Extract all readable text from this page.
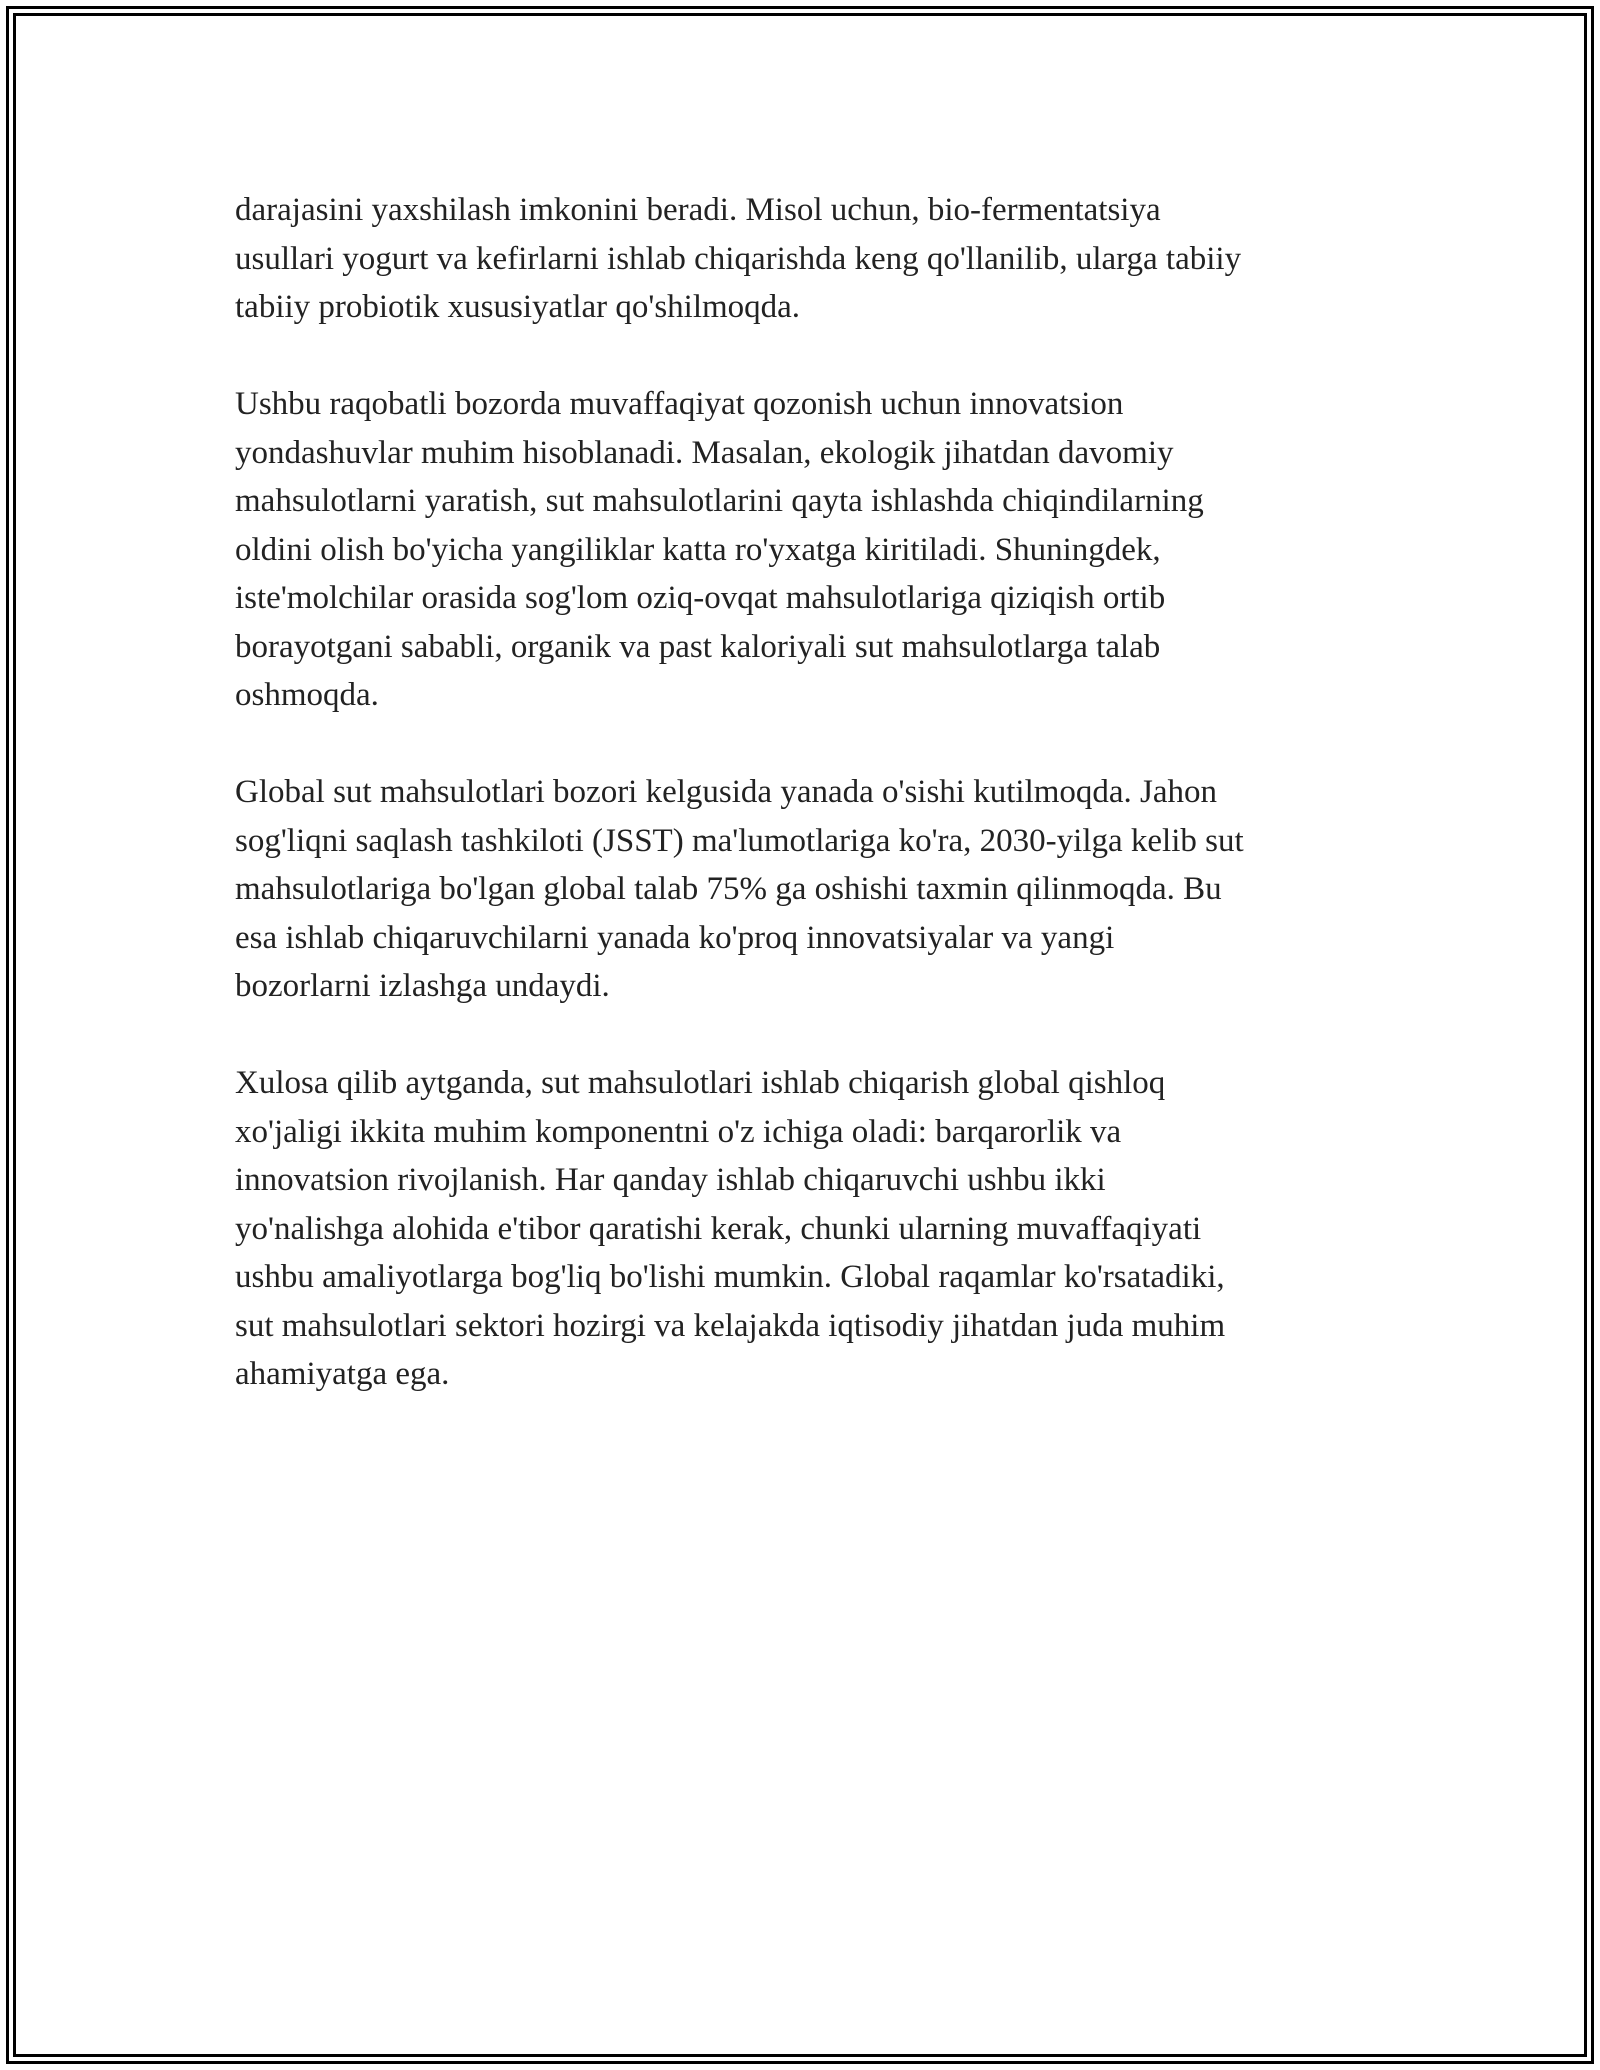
darajasini yaxshilash imkonini beradi. Misol uchun, bio-fermentatsiya
usullari yogurt va kefirlarni ishlab chiqarishda keng qo'llanilib, ularga tabiiy
tabiiy probiotik xususiyatlar qo'shilmoqda.

Ushbu raqobatli bozorda muvaffaqiyat qozonish uchun innovatsion
yondashuvlar muhim hisoblanadi. Masalan, ekologik jihatdan davomiy
mahsulotlarni yaratish, sut mahsulotlarini qayta ishlashda chiqindilarning
oldini olish bo'yicha yangiliklar katta ro'yxatga kiritiladi. Shuningdek,
iste'molchilar orasida sog'lom oziq-ovqat mahsulotlariga qiziqish ortib
borayotgani sababli, organik va past kaloriyali sut mahsulotlarga talab
oshmoqda.

Global sut mahsulotlari bozori kelgusida yanada o'sishi kutilmoqda. Jahon
sog'liqni saqlash tashkiloti (JSST) ma'lumotlariga ko'ra, 2030-yilga kelib sut
mahsulotlariga bo'lgan global talab 75% ga oshishi taxmin qilinmoqda. Bu
esa ishlab chiqaruvchilarni yanada ko'proq innovatsiyalar va yangi
bozorlarni izlashga undaydi.

Xulosa qilib aytganda, sut mahsulotlari ishlab chiqarish global qishloq
xo'jaligi ikkita muhim komponentni o'z ichiga oladi: barqarorlik va
innovatsion rivojlanish. Har qanday ishlab chiqaruvchi ushbu ikki
yo'nalishga alohida e'tibor qaratishi kerak, chunki ularning muvaffaqiyati
ushbu amaliyotlarga bog'liq bo'lishi mumkin. Global raqamlar ko'rsatadiki,
sut mahsulotlari sektori hozirgi va kelajakda iqtisodiy jihatdan juda muhim
ahamiyatga ega.
